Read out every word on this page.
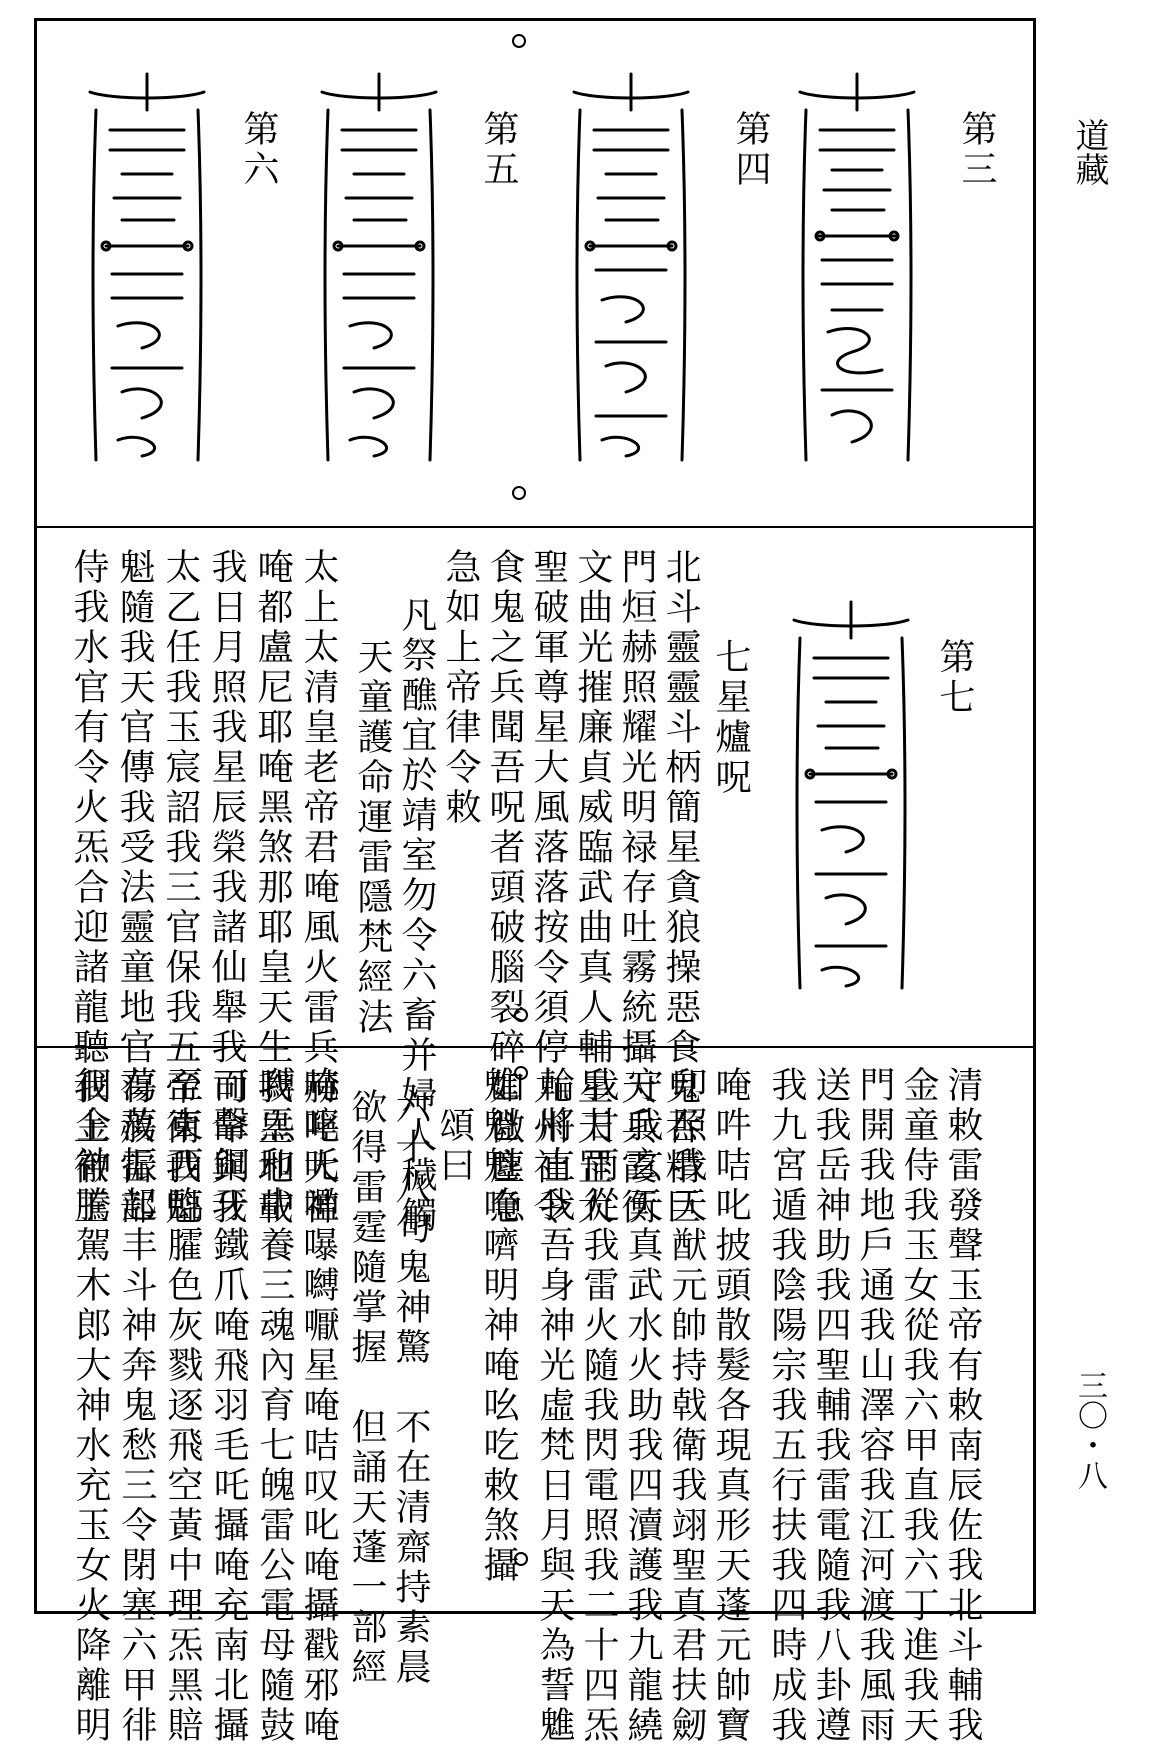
道藏
三〇・八
第三
第四
第五
第六
第七
七星爐呪
北斗靈靈斗柄簡星貪狼操惡食鬼吞精巨
門烜赫照耀光明禄存吐霧統攝天兵霞衡
文曲光摧廉貞威臨武曲真人輔星天罡大
聖破軍尊星大風落落按令須停九州社令
食鬼之兵聞吾呪者頭破腦裂碎如微塵急
急如上帝律令敕
凡祭醮宜於靖室勿令六畜并婦人穢觸
天童護命運雷隱梵經法
太上太清皇老帝君唵風火雷兵赫叱大神
唵都盧尼耶唵黑煞那耶皇天生我皇地載
我日月照我星辰榮我諸仙舉我司命與我
太乙任我玉宸詔我三官保我五帝衛我魁
魁隨我天官傳我受法靈童地官有赦雷部
侍我水官有令火炁合迎諸龍聽我上徹王
清敕雷發聲玉帝有敕南辰佐我北斗輔我
金童侍我玉女從我六甲直我六丁進我天
門開我地戶通我山澤容我江河渡我風雨
送我岳神助我四聖輔我雷電隨我八卦遵
我九宮遁我陰陽宗我五行扶我四時成我
唵吽咭叱披頭散髮各現真形天蓬元帥寶
印照我天猷元帥持戟衛我翊聖真君扶劒
守我玄天真武水火助我四瀆護我九龍繞
我甘雨從我雷火隨我閃電照我二十四炁
輪將直我吾身神光虛梵日月與天為誓魋
魋魁魁唵嚌明神唵吆吃敕煞攝
頌曰
六十八句鬼神驚　不在清齋持素晨
欲得雷霆隨掌握　但誦天蓬一部經
唵嚀吒嚂嚗嚩嚈星唵咭叹叱唵攝戳邪唵
嚩炁和中養三魂內育七魄雷公電母隨鼓
而擊銅牙鐵爪唵飛羽毛吒攝唵充南北攝
至東西臨臛色灰戮逐飛空黃中理炁黑賠
蕩蕩振起丰斗神奔鬼愁三令閉塞六甲徘
徊金神騰駕木郎大神水充玉女火降離明
